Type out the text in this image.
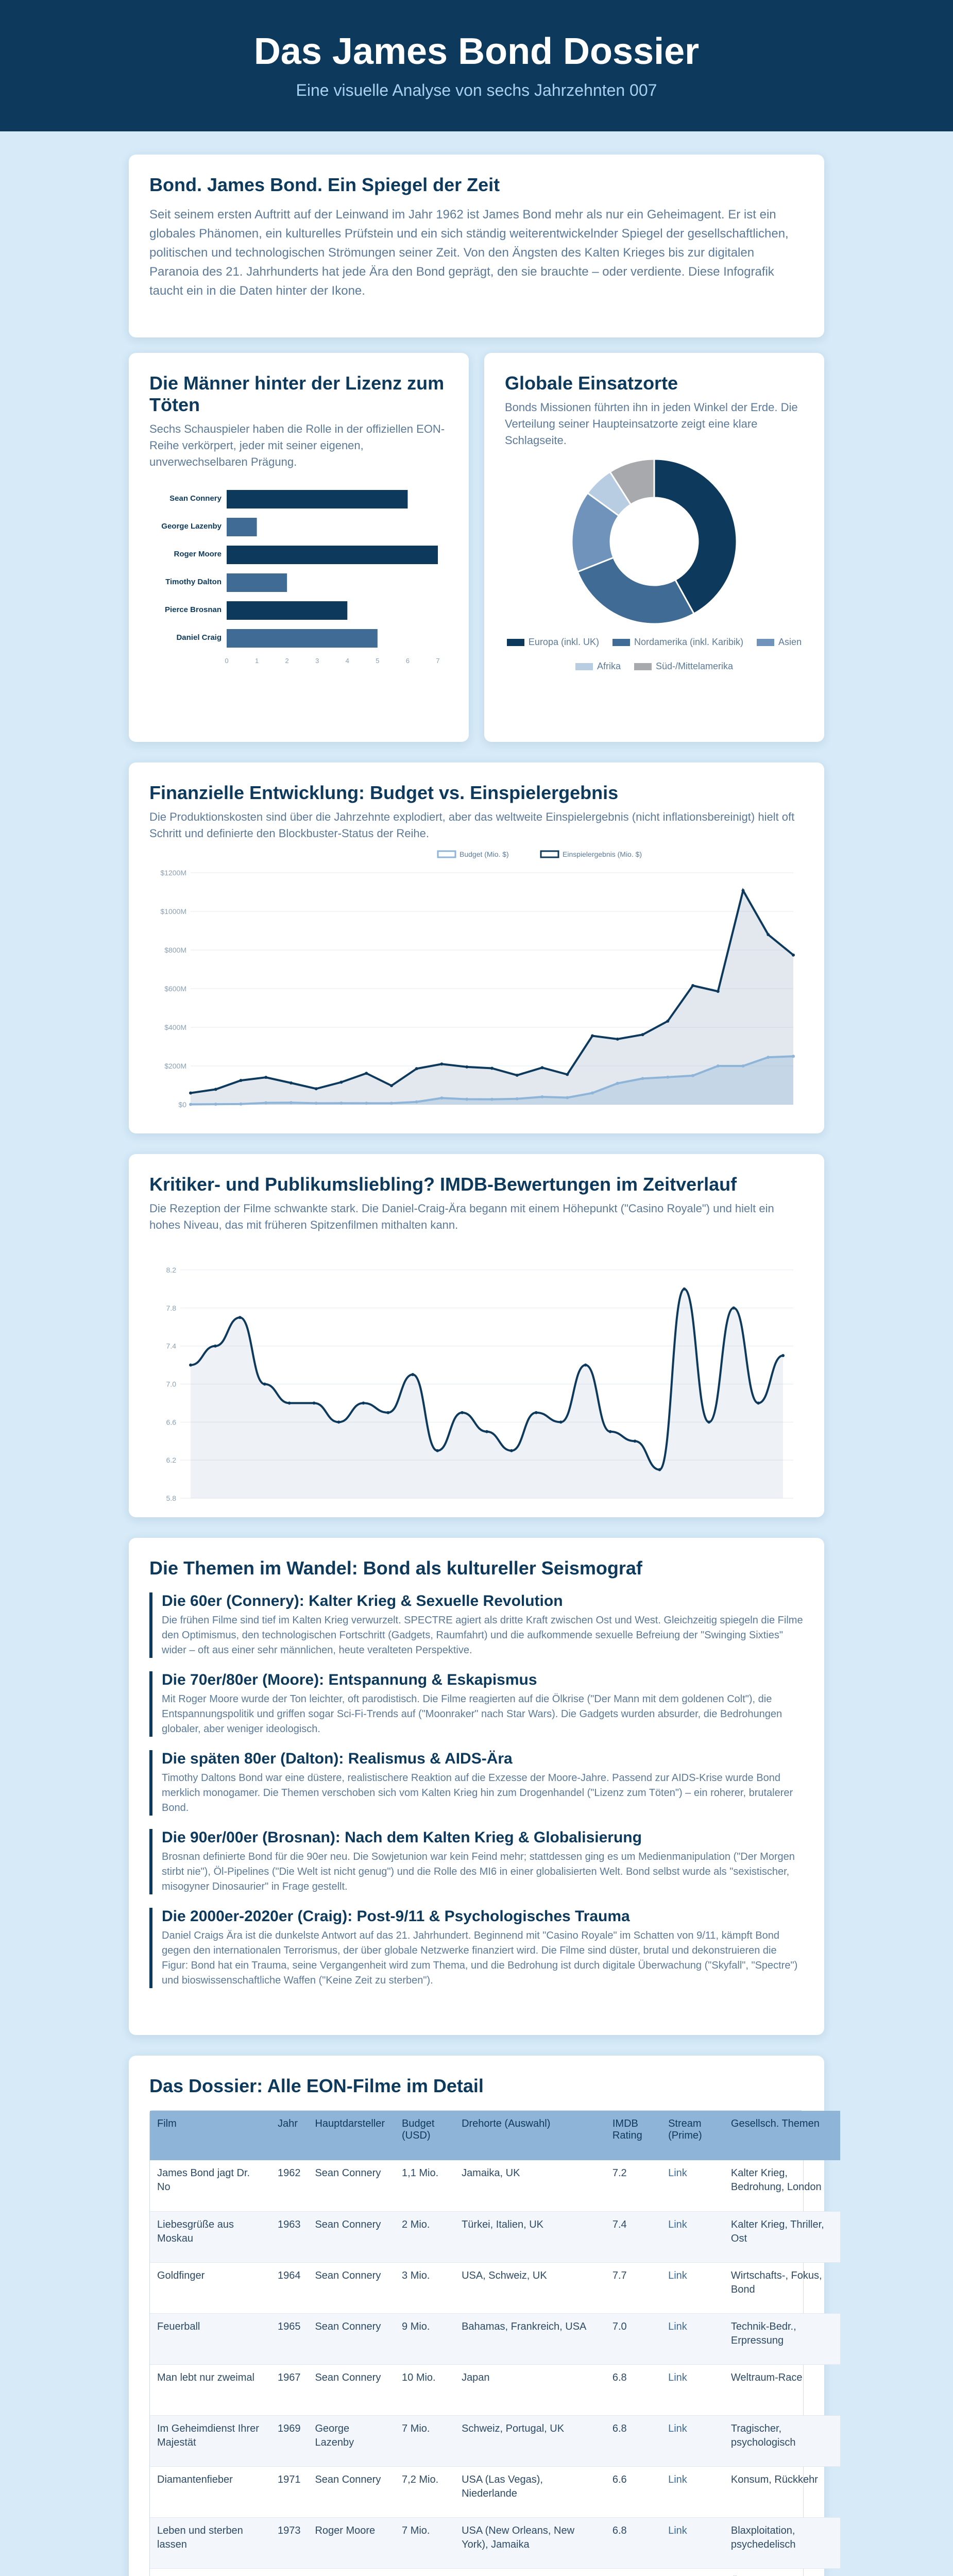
Das James Bond Dossier

Eine visuelle Analyse von sechs Jahrzehnten 007

Bond. James Bond. Ein Spiegel der Zeit

Seit seinem ersten Auftritt auf der Leinwand im Jahr 1962 ist James Bond mehr als nur ein Geheimagent. Er ist ein globales Phänomen, ein kulturelles Prüfstein und ein sich ständig weiterentwickelnder Spiegel der gesellschaftlichen, politischen und technologischen Strömungen seiner Zeit. Von den Ängsten des Kalten Krieges bis zur digitalen Paranoia des 21. Jahrhunderts hat jede Ära den Bond geprägt, den sie brauchte – oder verdiente. Diese Infografik taucht ein in die Daten hinter der Ikone.

Die Männer hinter der Lizenz zum Töten

Sechs Schauspieler haben die Rolle in der offiziellen EON-Reihe verkörpert, jeder mit seiner eigenen, unverwechselbaren Prägung.

Sean Connery
George Lazenby
Roger Moore
Timothy Dalton
Pierce Brosnan
Daniel Craig
0	1	2	3	4	5	6	7
Globale Einsatzorte

Bonds Missionen führten ihn in jeden Winkel der Erde. Die Verteilung seiner Haupteinsatzorte zeigt eine klare Schlagseite.

Europa (inkl. UK)	Nordamerika (inkl. Karibik)	Asien
Afrika	Süd-/Mittelamerika
Finanzielle Entwicklung: Budget vs. Einspielergebnis

Die Produktionskosten sind über die Jahrzehnte explodiert, aber das weltweite Einspielergebnis (nicht inflationsbereinigt) hielt oft Schritt und definierte den Blockbuster-Status der Reihe.

$0
$200M
$400M
$600M
$800M
$1000M
$1200M
Budget (Mio. $)	Einspielergebnis (Mio. $)
Kritiker- und Publikumsliebling? IMDB-Bewertungen im Zeitverlauf

Die Rezeption der Filme schwankte stark. Die Daniel-Craig-Ära begann mit einem Höhepunkt ("Casino Royale") und hielt ein hohes Niveau, das mit früheren Spitzenfilmen mithalten kann.

5.8
6.2
6.6
7.0
7.4
7.8
8.2
Die Themen im Wandel: Bond als kultureller Seismograf
Die 60er (Connery): Kalter Krieg & Sexuelle Revolution

Die frühen Filme sind tief im Kalten Krieg verwurzelt. SPECTRE agiert als dritte Kraft zwischen Ost und West. Gleichzeitig spiegeln die Filme den Optimismus, den technologischen Fortschritt (Gadgets, Raumfahrt) und die aufkommende sexuelle Befreiung der "Swinging Sixties" wider – oft aus einer sehr männlichen, heute veralteten Perspektive.

Die 70er/80er (Moore): Entspannung & Eskapismus

Mit Roger Moore wurde der Ton leichter, oft parodistisch. Die Filme reagierten auf die Ölkrise ("Der Mann mit dem goldenen Colt"), die Entspannungspolitik und griffen sogar Sci-Fi-Trends auf ("Moonraker" nach Star Wars). Die Gadgets wurden absurder, die Bedrohungen globaler, aber weniger ideologisch.

Die späten 80er (Dalton): Realismus & AIDS-Ära

Timothy Daltons Bond war eine düstere, realistischere Reaktion auf die Exzesse der Moore-Jahre. Passend zur AIDS-Krise wurde Bond merklich monogamer. Die Themen verschoben sich vom Kalten Krieg hin zum Drogenhandel ("Lizenz zum Töten") – ein roherer, brutalerer Bond.

Die 90er/00er (Brosnan): Nach dem Kalten Krieg & Globalisierung

Brosnan definierte Bond für die 90er neu. Die Sowjetunion war kein Feind mehr; stattdessen ging es um Medienmanipulation ("Der Morgen stirbt nie"), Öl-Pipelines ("Die Welt ist nicht genug") und die Rolle des MI6 in einer globalisierten Welt. Bond selbst wurde als "sexistischer, misogyner Dinosaurier" in Frage gestellt.

Die 2000er-2020er (Craig): Post-9/11 & Psychologisches Trauma

Daniel Craigs Ära ist die dunkelste Antwort auf das 21. Jahrhundert. Beginnend mit "Casino Royale" im Schatten von 9/11, kämpft Bond gegen den internationalen Terrorismus, der über globale Netzwerke finanziert wird. Die Filme sind düster, brutal und dekonstruieren die Figur: Bond hat ein Trauma, seine Vergangenheit wird zum Thema, und die Bedrohung ist durch digitale Überwachung ("Skyfall", "Spectre") und bioswissenschaftliche Waffen ("Keine Zeit zu sterben").

Das Dossier: Alle EON-Filme im Detail
Film	Jahr	Hauptdarsteller	Budget (USD)	Drehorte (Auswahl)	IMDB Rating	Stream (Prime)	Gesellsch. Themen
James Bond jagt Dr. No	1962	Sean Connery	1,1 Mio.	Jamaika, UK	7.2	Link	Kalter Krieg, Bedrohung, London
Liebesgrüße aus Moskau	1963	Sean Connery	2 Mio.	Türkei, Italien, UK	7.4	Link	Kalter Krieg, Thriller, Ost
Goldfinger	1964	Sean Connery	3 Mio.	USA, Schweiz, UK	7.7	Link	Wirtschafts-, Fokus, Bond
Feuerball	1965	Sean Connery	9 Mio.	Bahamas, Frankreich, USA	7.0	Link	Technik-Bedr., Erpressung
Man lebt nur zweimal	1967	Sean Connery	10 Mio.	Japan	6.8	Link	Weltraum-Race
Im Geheimdienst Ihrer Majestät	1969	George Lazenby	7 Mio.	Schweiz, Portugal, UK	6.8	Link	Tragischer, psychologisch
Diamantenfieber	1971	Sean Connery	7,2 Mio.	USA (Las Vegas), Niederlande	6.6	Link	Konsum, Rückkehr
Leben und sterben lassen	1973	Roger Moore	7 Mio.	USA (New Orleans, New York), Jamaika	6.8	Link	Blaxploitation, psychedelisch
